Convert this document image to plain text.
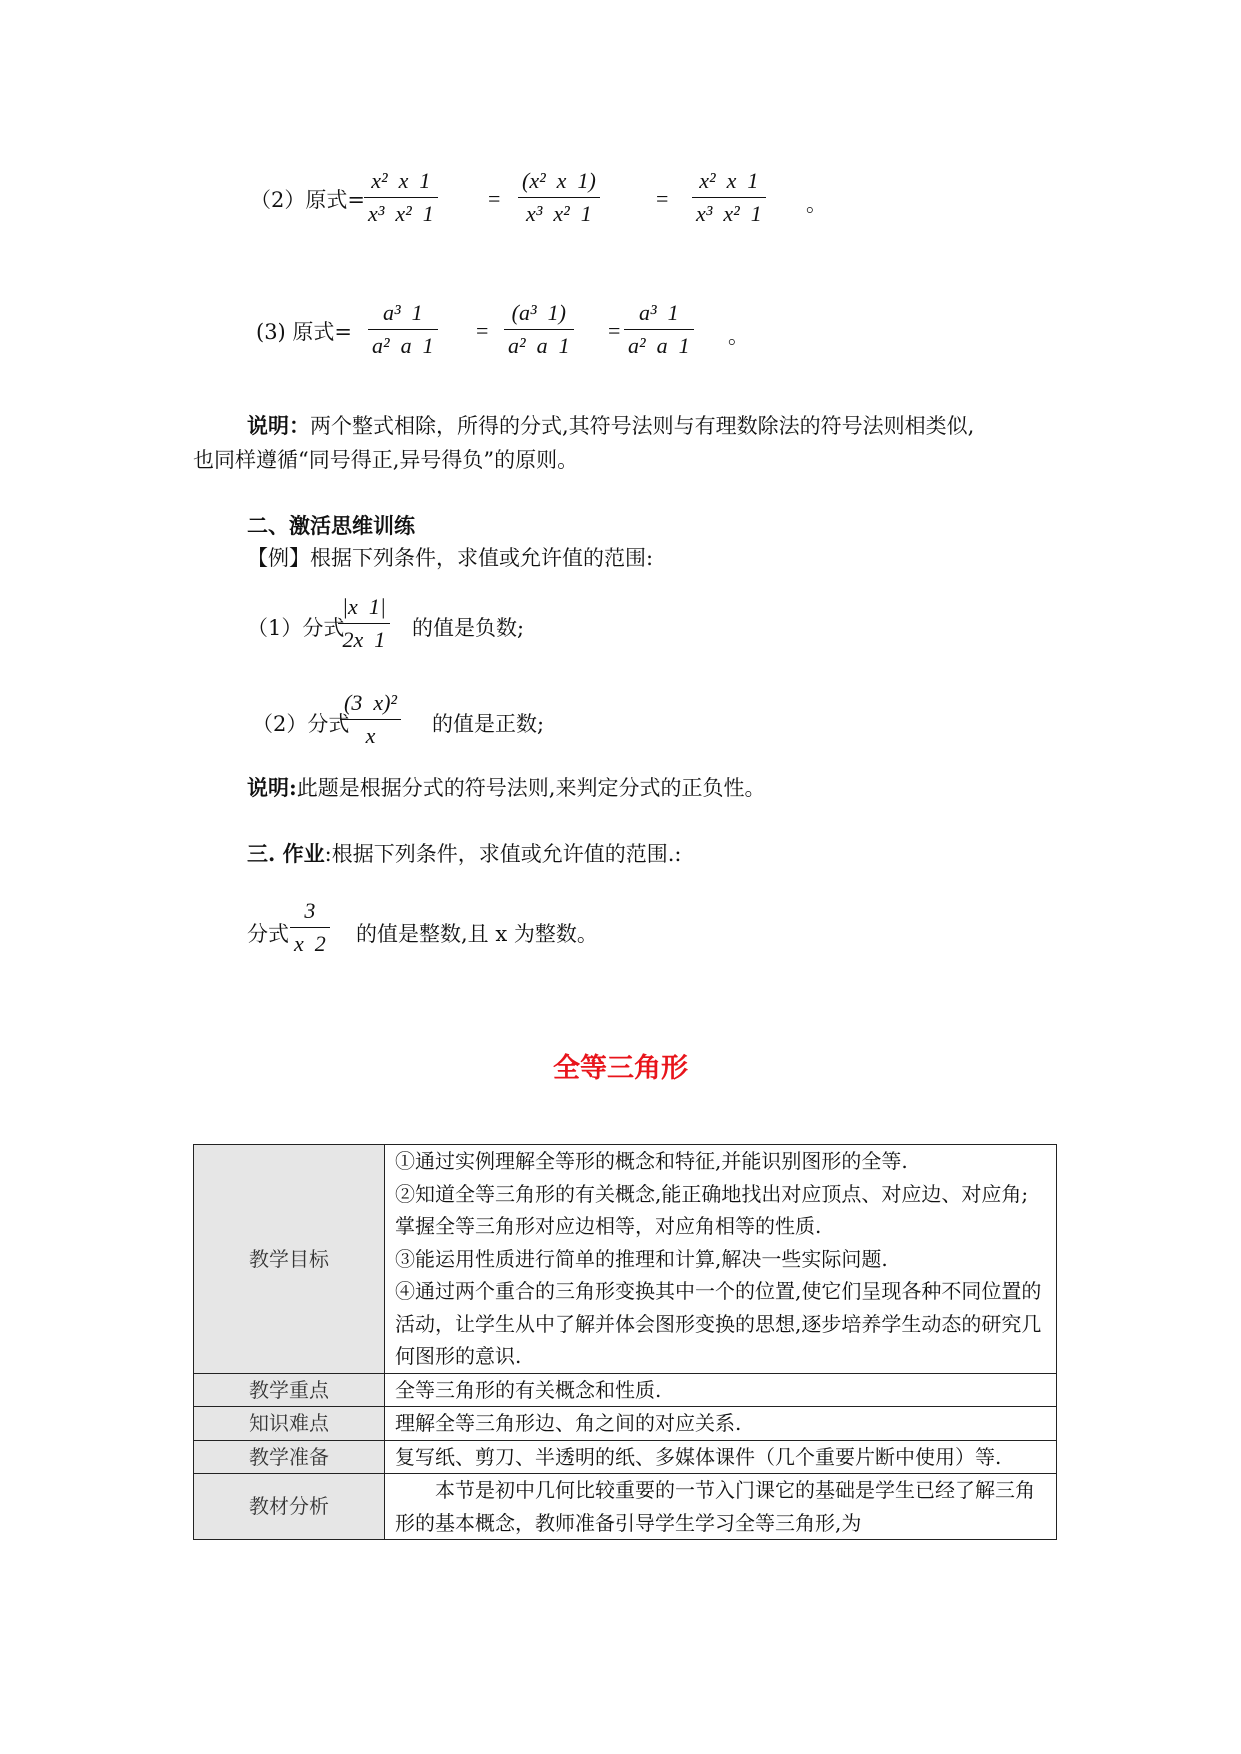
（2）原式=
x²  x  1
x³  x²  1
=
(x²  x  1)
x³  x²  1
=
x²  x  1
x³  x²  1 。
(3) 原式=
a³  1
a²  a  1
=
(a³  1)
a²  a  1
=
a³  1
a²  a  1 。
说明：两个整式相除，所得的分式,其符号法则与有理数除法的符号法则相类似,
也同样遵循“同号得正,异号得负”的原则。
二、激活思维训练
【例】根据下列条件，求值或允许值的范围:
（1）分式
|x  1|
2x  1 的值是负数;
（2）分式
(3  x)²
x	的值是正数;
说明:此题是根据分式的符号法则,来判定分式的正负性。
三. 作业:根据下列条件，求值或允许值的范围.:
分式
3
x  2 的值是整数,且 x 为整数。
全等三角形
教学目标	①通过实例理解全等形的概念和特征,并能识别图形的全等.

②知道全等三角形的有关概念,能正确地找出对应顶点、对应边、对应角;掌握全等三角形对应边相等，对应角相等的性质.

③能运用性质进行简单的推理和计算,解决一些实际问题.

④通过两个重合的三角形变换其中一个的位置,使它们呈现各种不同位置的活动，让学生从中了解并体会图形变换的思想,逐步培养学生动态的研究几何图形的意识.

教学重点	全等三角形的有关概念和性质.
知识难点	理解全等三角形边、角之间的对应关系.
教学准备	复写纸、剪刀、半透明的纸、多媒体课件（几个重要片断中使用）等.
教材分析	本节是初中几何比较重要的一节入门课它的基础是学生已经了解三角形的基本概念，教师准备引导学生学习全等三角形,为
